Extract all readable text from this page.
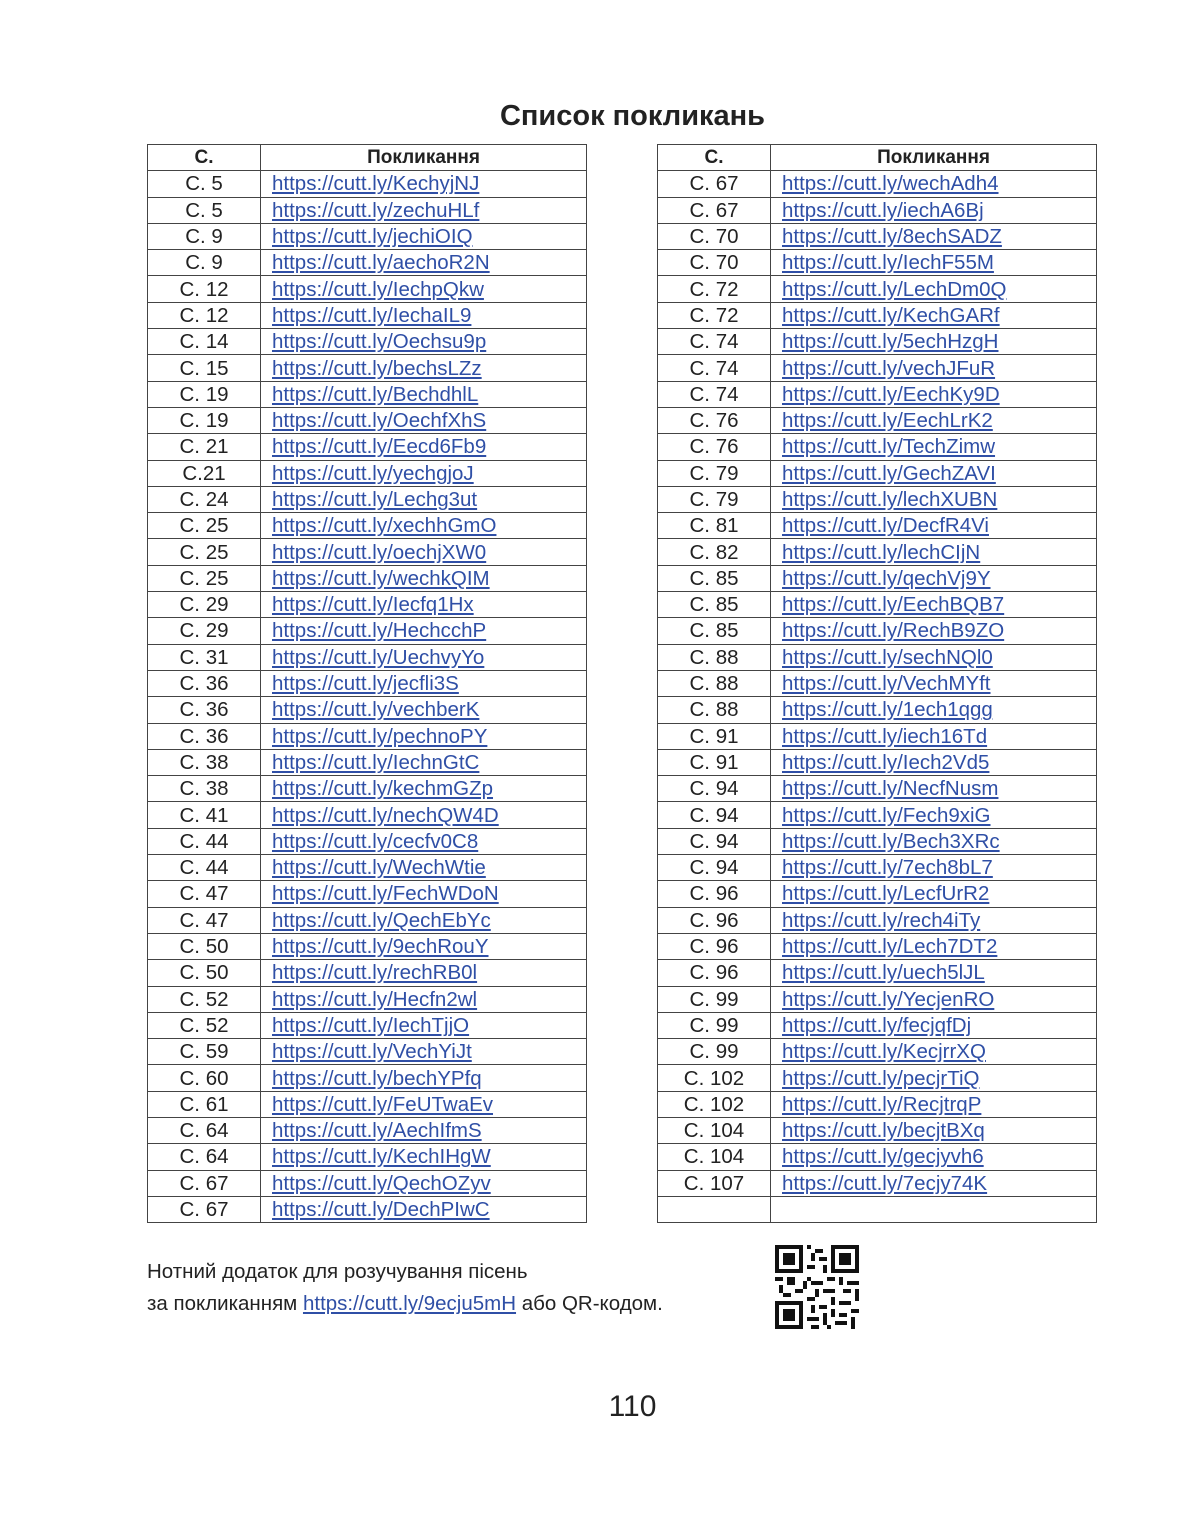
Список покликань
С.	Покликання
С. 5	https://cutt.ly/KechyjNJ
С. 5	https://cutt.ly/zechuHLf
С. 9	https://cutt.ly/jechiOIQ
С. 9	https://cutt.ly/aechoR2N
С. 12	https://cutt.ly/IechpQkw
С. 12	https://cutt.ly/IechaIL9
С. 14	https://cutt.ly/Oechsu9p
С. 15	https://cutt.ly/bechsLZz
С. 19	https://cutt.ly/BechdhlL
С. 19	https://cutt.ly/OechfXhS
С. 21	https://cutt.ly/Eecd6Fb9
С.21	https://cutt.ly/yechgjoJ
С. 24	https://cutt.ly/Lechg3ut
С. 25	https://cutt.ly/xechhGmO
С. 25	https://cutt.ly/oechjXW0
С. 25	https://cutt.ly/wechkQIM
С. 29	https://cutt.ly/Iecfq1Hx
С. 29	https://cutt.ly/HechcchP
С. 31	https://cutt.ly/UechvyYo
С. 36	https://cutt.ly/jecfli3S
С. 36	https://cutt.ly/vechberK
С. 36	https://cutt.ly/pechnoPY
С. 38	https://cutt.ly/IechnGtC
С. 38	https://cutt.ly/kechmGZp
С. 41	https://cutt.ly/nechQW4D
С. 44	https://cutt.ly/cecfv0C8
С. 44	https://cutt.ly/WechWtie
С. 47	https://cutt.ly/FechWDoN
С. 47	https://cutt.ly/QechEbYc
С. 50	https://cutt.ly/9echRouY
С. 50	https://cutt.ly/rechRB0l
С. 52	https://cutt.ly/Hecfn2wl
С. 52	https://cutt.ly/IechTjjO
С. 59	https://cutt.ly/VechYiJt
С. 60	https://cutt.ly/bechYPfq
С. 61	https://cutt.ly/FeUTwaEv
С. 64	https://cutt.ly/AechIfmS
С. 64	https://cutt.ly/KechIHgW
С. 67	https://cutt.ly/QechOZyv
С. 67	https://cutt.ly/DechPIwC
С.	Покликання
С. 67	https://cutt.ly/wechAdh4
С. 67	https://cutt.ly/iechA6Bj
С. 70	https://cutt.ly/8echSADZ
С. 70	https://cutt.ly/IechF55M
С. 72	https://cutt.ly/LechDm0Q
С. 72	https://cutt.ly/KechGARf
С. 74	https://cutt.ly/5echHzgH
С. 74	https://cutt.ly/vechJFuR
С. 74	https://cutt.ly/EechKy9D
С. 76	https://cutt.ly/EechLrK2
С. 76	https://cutt.ly/TechZimw
С. 79	https://cutt.ly/GechZAVI
С. 79	https://cutt.ly/lechXUBN
С. 81	https://cutt.ly/DecfR4Vi
С. 82	https://cutt.ly/lechCIjN
С. 85	https://cutt.ly/qechVj9Y
С. 85	https://cutt.ly/EechBQB7
С. 85	https://cutt.ly/RechB9ZO
С. 88	https://cutt.ly/sechNQl0
С. 88	https://cutt.ly/VechMYft
С. 88	https://cutt.ly/1ech1qgg
С. 91	https://cutt.ly/iech16Td
С. 91	https://cutt.ly/Iech2Vd5
С. 94	https://cutt.ly/NecfNusm
С. 94	https://cutt.ly/Fech9xiG
С. 94	https://cutt.ly/Bech3XRc
С. 94	https://cutt.ly/7ech8bL7
С. 96	https://cutt.ly/LecfUrR2
С. 96	https://cutt.ly/rech4iTy
С. 96	https://cutt.ly/Lech7DT2
С. 96	https://cutt.ly/uech5lJL
С. 99	https://cutt.ly/YecjenRO
С. 99	https://cutt.ly/fecjqfDj
С. 99	https://cutt.ly/KecjrrXQ
С. 102	https://cutt.ly/pecjrTiQ
С. 102	https://cutt.ly/RecjtrqP
С. 104	https://cutt.ly/becjtBXq
С. 104	https://cutt.ly/gecjyvh6
С. 107	https://cutt.ly/7ecjy74K

Нотний додаток для розучування пісень
за покликанням https://cutt.ly/9ecju5mH або QR-кодом.
110
